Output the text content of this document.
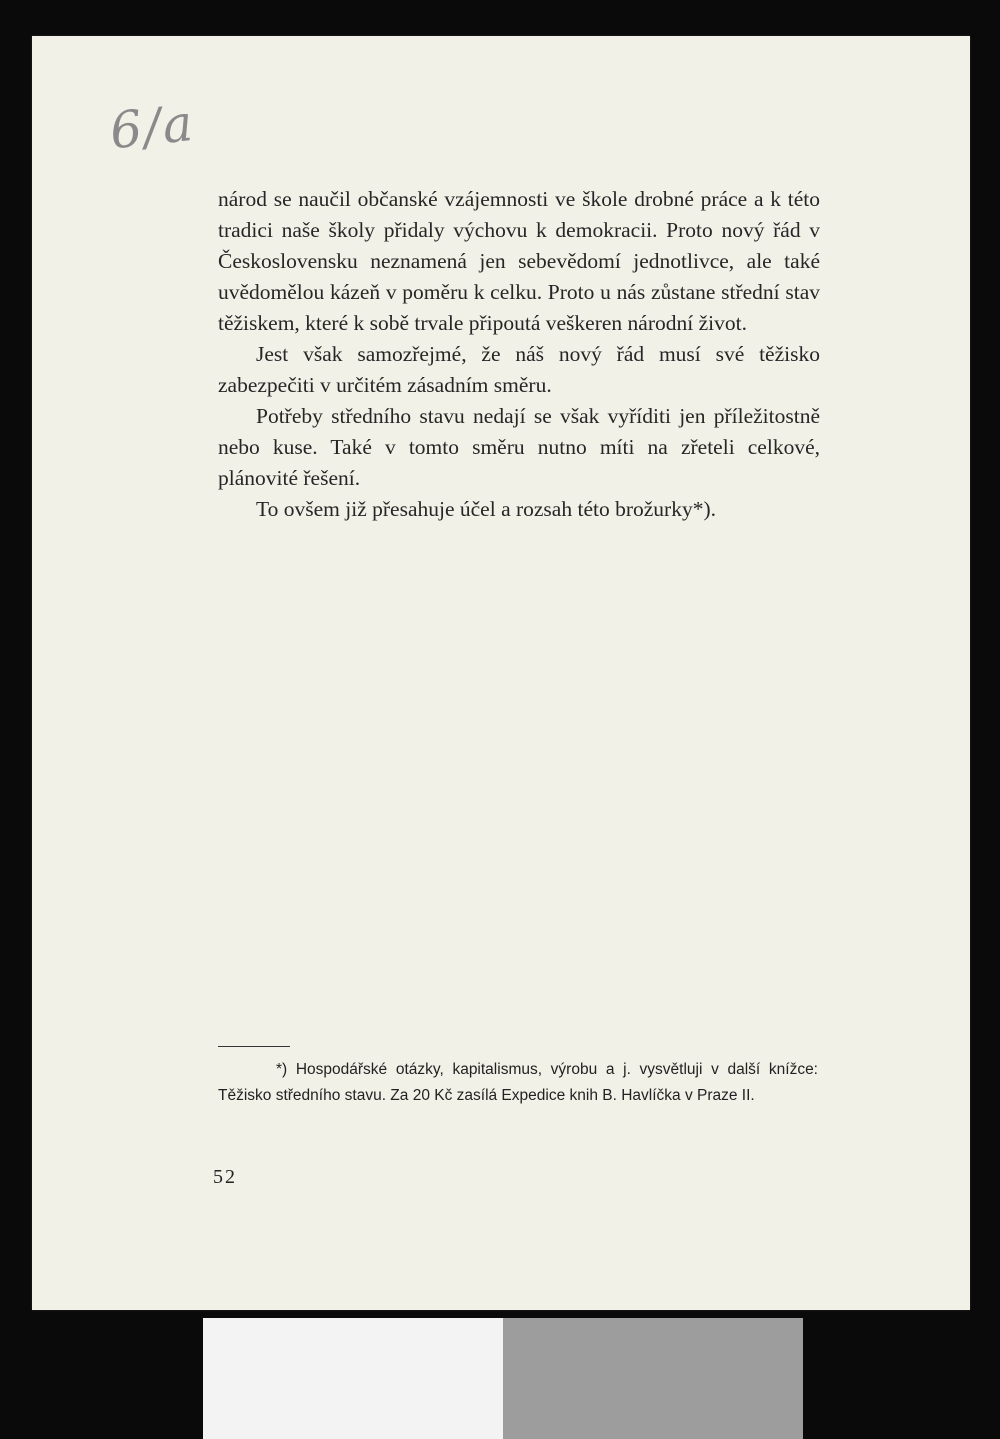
6/a

národ se naučil občanské vzájemnosti ve škole drobné práce a k této tradici naše školy přidaly výchovu k demokracii. Proto nový řád v Československu neznamená jen sebevědomí jednotlivce, ale také uvědomělou kázeň v poměru k celku. Proto u nás zůstane střední stav těžiskem, které k sobě trvale připoutá veškeren národní život.

Jest však samozřejmé, že náš nový řád musí své těžisko zabezpečiti v určitém zásadním směru.

Potřeby středního stavu nedají se však vyříditi jen příležitostně nebo kuse. Také v tomto směru nutno míti na zřeteli celkové, plánovité řešení.

To ovšem již přesahuje účel a rozsah této brožurky*).

*) Hospodářské otázky, kapitalismus, výrobu a j. vysvětluji v další knížce: Těžisko středního stavu. Za 20 Kč zasílá Expedice knih B. Havlíčka v Praze II.

52
